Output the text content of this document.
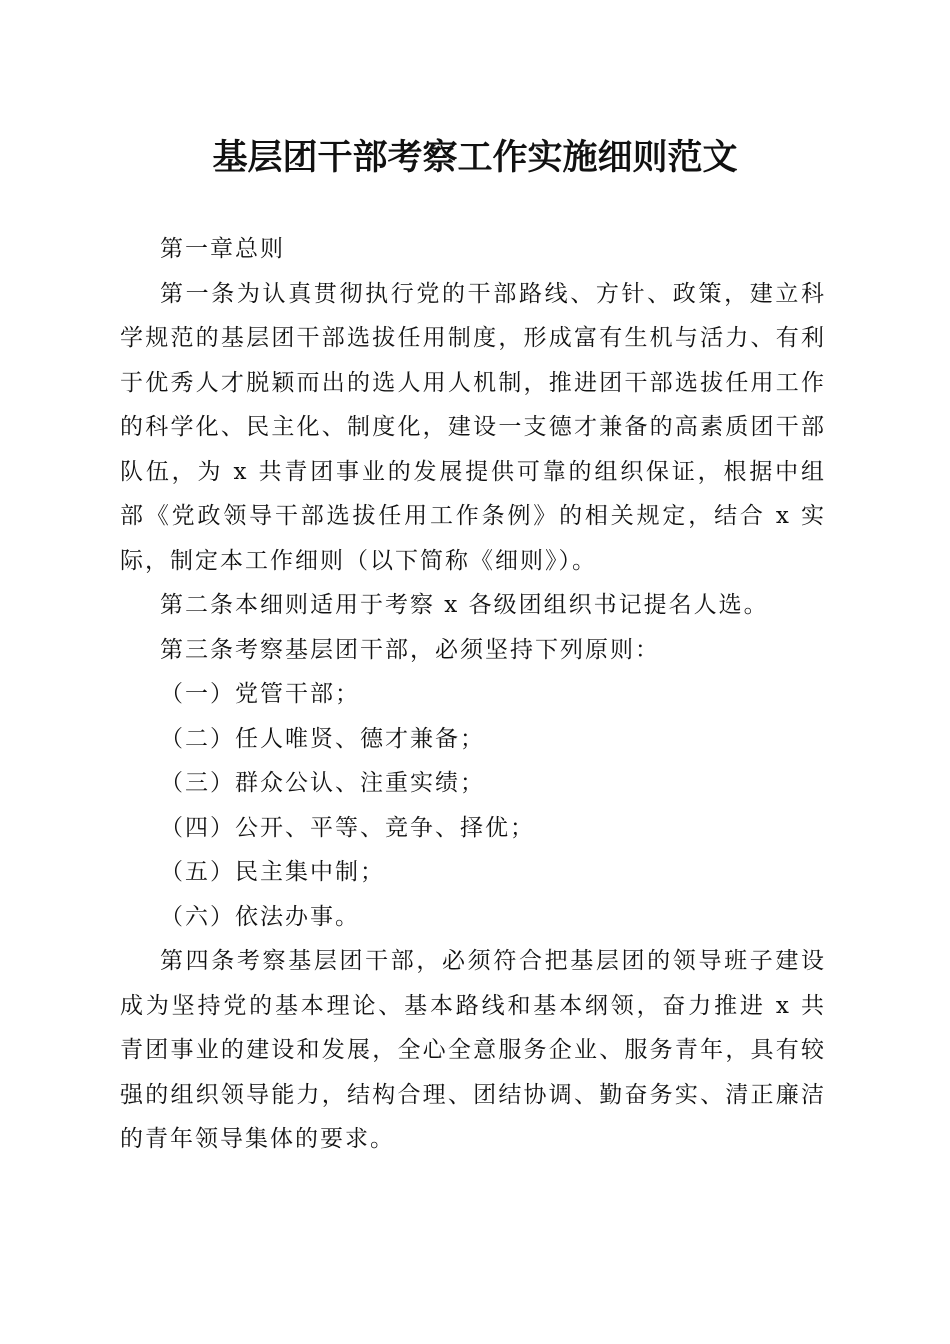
基层团干部考察工作实施细则范文

第一章总则

第一条为认真贯彻执行党的干部路线、方针、政策，建立科学规范的基层团干部选拔任用制度，形成富有生机与活力、有利于优秀人才脱颖而出的选人用人机制，推进团干部选拔任用工作的科学化、民主化、制度化，建设一支德才兼备的高素质团干部队伍，为 x 共青团事业的发展提供可靠的组织保证，根据中组部《党政领导干部选拔任用工作条例》的相关规定，结合 x 实际，制定本工作细则（以下简称《细则》）。

第二条本细则适用于考察 x 各级团组织书记提名人选。

第三条考察基层团干部，必须坚持下列原则：

（一）党管干部；

（二）任人唯贤、德才兼备；

（三）群众公认、注重实绩；

（四）公开、平等、竞争、择优；

（五）民主集中制；

（六）依法办事。

第四条考察基层团干部，必须符合把基层团的领导班子建设成为坚持党的基本理论、基本路线和基本纲领，奋力推进 x 共青团事业的建设和发展，全心全意服务企业、服务青年，具有较强的组织领导能力，结构合理、团结协调、勤奋务实、清正廉洁的青年领导集体的要求。
